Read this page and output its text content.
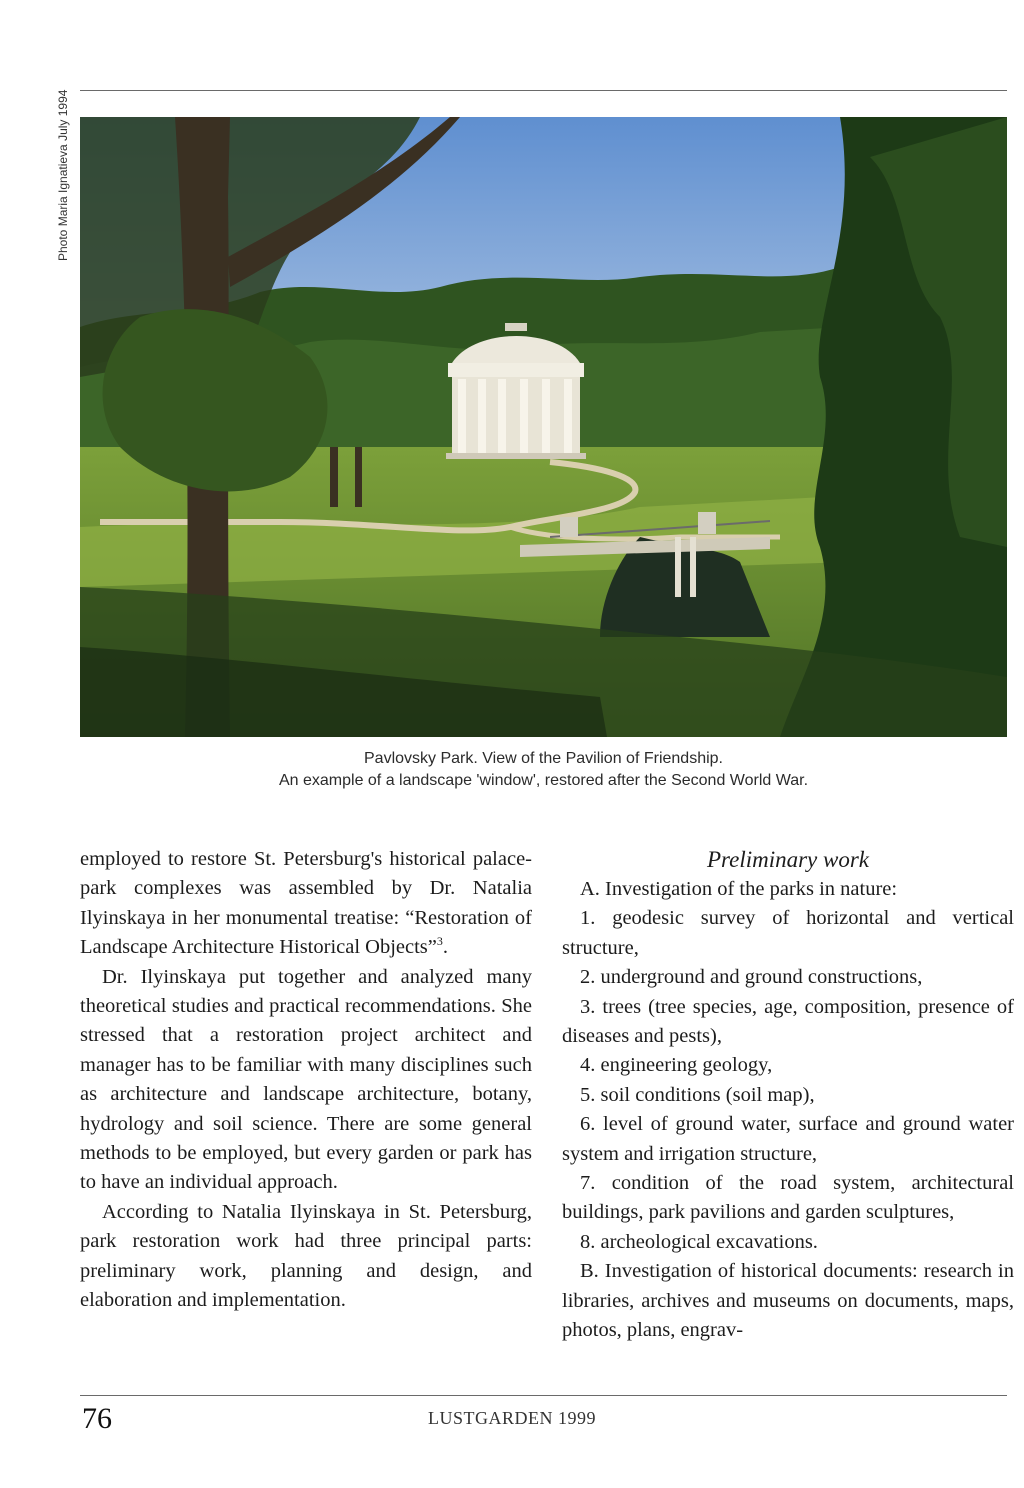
Photo Maria Ignatieva July 1994
Pavlovsky Park. View of the Pavilion of Friendship.
An example of a landscape 'window', restored after the Second World War.

employed to restore St. Petersburg's historical palace-park complexes was assembled by Dr. Natalia Ilyinskaya in her monumental treatise: “Restoration of Landscape Architecture Historical Objects”$^3$.

Dr. Ilyinskaya put together and analyzed many theoretical studies and practical recommendations. She stressed that a restoration project architect and manager has to be familiar with many disciplines such as architecture and landscape architecture, botany, hydrology and soil science. There are some general methods to be employed, but every garden or park has to have an individual approach.

According to Natalia Ilyinskaya in St. Petersburg, park restoration work had three principal parts: preliminary work, planning and design, and elaboration and implementation.

Preliminary work

A. Investigation of the parks in nature:

1. geodesic survey of horizontal and vertical structure,

2. underground and ground constructions,

3. trees (tree species, age, composition, presence of diseases and pests),

4. engineering geology,

5. soil conditions (soil map),

6. level of ground water, surface and ground water system and irrigation structure,

7. condition of the road system, architectural buildings, park pavilions and garden sculptures,

8. archeological excavations.

B. Investigation of historical documents: research in libraries, archives and museums on documents, maps, photos, plans, engrav-

76	LUSTGARDEN 1999
